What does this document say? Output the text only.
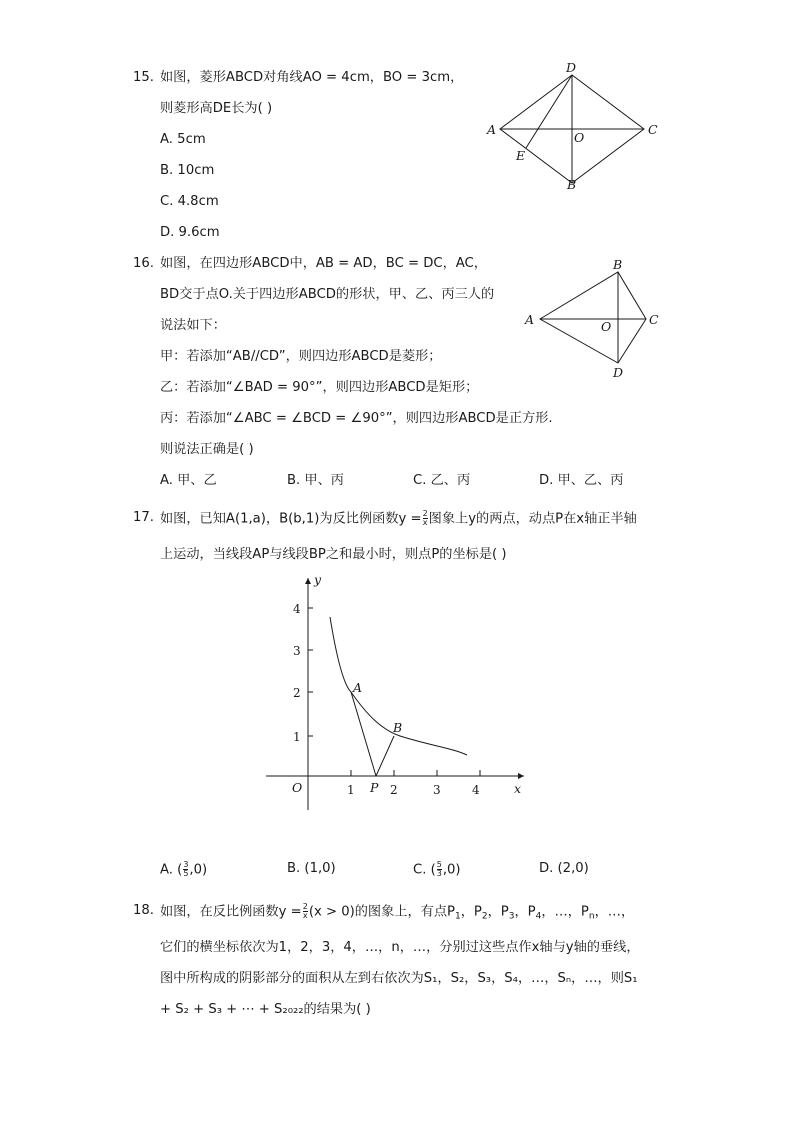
15. 如图，菱形ABCD对角线AO = 4cm，BO = 3cm，
则菱形高DE长为( )
A. 5cm
B. 10cm
C. 4.8cm
D. 9.6cm
D
A	C
B
E
O
16. 如图，在四边形ABCD中，AB = AD，BC = DC，AC，
BD交于点O.关于四边形ABCD的形状，甲、乙、丙三人的
说法如下：
甲：若添加“AB//CD”，则四边形ABCD是菱形；
乙：若添加“∠BAD = 90°”，则四边形ABCD是矩形；
丙：若添加“∠ABC = ∠BCD = ∠90°”，则四边形ABCD是正方形.
则说法正确是( )
A. 甲、乙	B. 甲、丙	C. 乙、丙	D. 甲、乙、丙
B
A	C
D
O
17. 如图，已知A(1,a)，B(b,1)为反比例函数$y = \frac{2}{x}$ 图象上y的两点，动点P在x轴正半轴
上运动，当线段AP与线段BP之和最小时，则点P的坐标是( )
x
y
O	1	2	3	4
1
2
3
4
A
B
P
A. ( $\frac{3}{5} ,0$)	B. (1,0)	C. ( $\frac{5}{3} ,0$)	D. (2,0)
18. 如图，在反比例函数$y = \frac{2}{x} (x > 0)$的图象上，有点$P_1$，$P_2$，$P_3$，$P_4$，…，$P_n$，…，
它们的横坐标依次为1，2，3，4，…，n，…，分别过这些点作x轴与y轴的垂线，
图中所构成的阴影部分的面积从左到右依次为S₁，S₂，S₃，S₄，…，Sₙ，…，则S₁
+ S₂ + S₃ + ⋯ + S₂₀₂₂的结果为( )
